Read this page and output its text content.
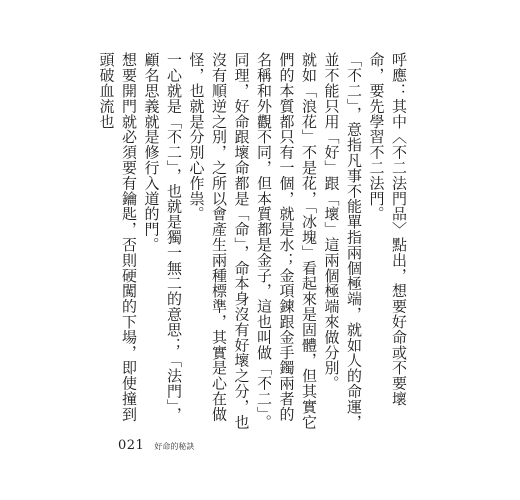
呼應：其中〈不二法門品〉點出，想要好命或不要壞命，要先學習不二法門。

「不二」，意指凡事不能單指兩個極端，就如人的命運，並不能只用「好」跟「壞」這兩個極端來做分別。

就如「浪花」不是花，「冰塊」看起來是固體，但其實它們的本質都只有一個，就是水；金項鍊跟金手鐲兩者的名稱和外觀不同，但本質都是金子，這也叫做「不二」。同理，好命跟壞命都是「命」，命本身沒有好壞之分，也沒有順逆之別，之所以會產生兩種標準，其實是心在做怪，也就是分別心作祟。

一心就是「不二」，也就是獨一無二的意思；「法門」，顧名思義就是修行入道的門。

想要開門就必須要有鑰匙，否則硬闖的下場，即使撞到頭破血流也

021 好命的秘訣
